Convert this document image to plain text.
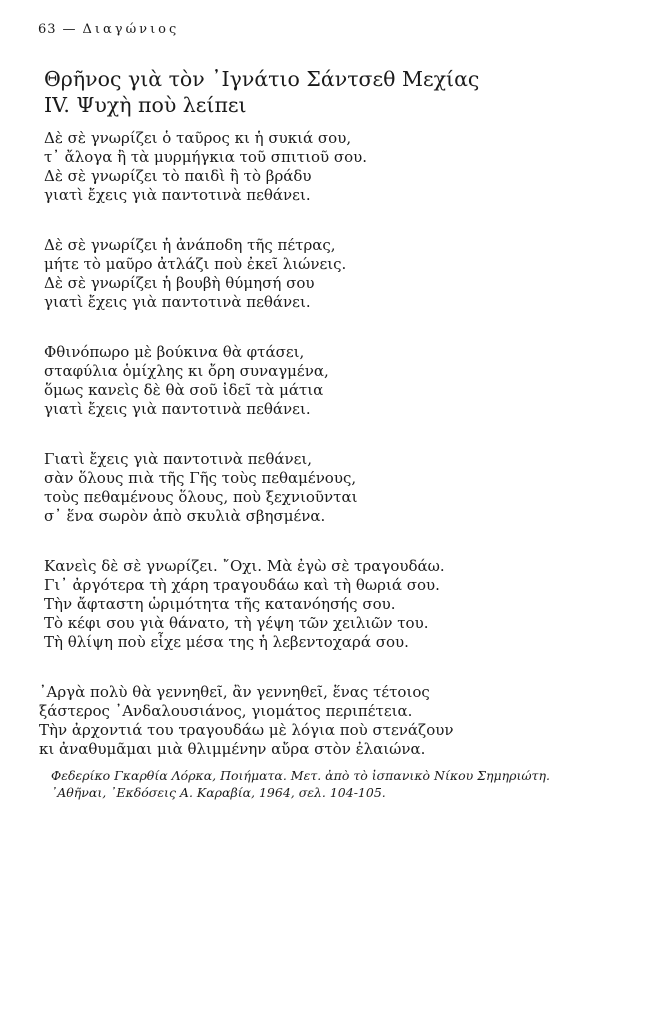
63 — Διαγώνιος
Θρῆνος γιὰ τὸν ᾿Ιγνάτιο Σάντσεθ Μεχίας
IV. Ψυχὴ ποὺ λείπει
Δὲ σὲ γνωρίζει ὁ ταῦρος κι ἡ συκιά σου,
τ᾿ ἄλογα ἢ τὰ μυρμήγκια τοῦ σπιτιοῦ σου.
Δὲ σὲ γνωρίζει τὸ παιδὶ ἢ τὸ βράδυ
γιατὶ ἔχεις γιὰ παντοτινὰ πεθάνει.
Δὲ σὲ γνωρίζει ἡ ἀνάποδη τῆς πέτρας,
μήτε τὸ μαῦρο ἀτλάζι ποὺ ἐκεῖ λιώνεις.
Δὲ σὲ γνωρίζει ἡ βουβὴ θύμησή σου
γιατὶ ἔχεις γιὰ παντοτινὰ πεθάνει.
Φθινόπωρο μὲ βούκινα θὰ φτάσει,
σταφύλια ὁμίχλης κι ὄρη συναγμένα,
ὅμως κανεὶς δὲ θὰ σοῦ ἰδεῖ τὰ μάτια
γιατὶ ἔχεις γιὰ παντοτινὰ πεθάνει.
Γιατὶ ἔχεις γιὰ παντοτινὰ πεθάνει,
σὰν ὅλους πιὰ τῆς Γῆς τοὺς πεθαμένους,
τοὺς πεθαμένους ὅλους, ποὺ ξεχνιοῦνται
σ᾿ ἕνα σωρὸν ἀπὸ σκυλιὰ σβησμένα.
Κανεὶς δὲ σὲ γνωρίζει. ῎Οχι. Μὰ ἐγὼ σὲ τραγουδάω.
Γι᾿ ἀργότερα τὴ χάρη τραγουδάω καὶ τὴ θωριά σου.
Τὴν ἄφταστη ὡριμότητα τῆς κατανόησής σου.
Τὸ κέφι σου γιὰ θάνατο, τὴ γέψη τῶν χειλιῶν του.
Τὴ θλίψη ποὺ εἶχε μέσα της ἡ λεβεντοχαρά σου.
᾿Αργὰ πολὺ θὰ γεννηθεῖ, ἂν γεννηθεῖ, ἕνας τέτοιος
ξάστερος ᾿Ανδαλουσιάνος, γιομάτος περιπέτεια.
Τὴν ἀρχοντιά του τραγουδάω μὲ λόγια ποὺ στενάζουν
κι ἀναθυμᾶμαι μιὰ θλιμμένην αὔρα στὸν ἐλαιώνα.
Φεδερίκο Γκαρθία Λόρκα, Ποιήματα. Μετ. ἀπὸ τὸ ἰσπανικὸ Νίκου Σημηριώτη. ᾿Αθῆναι, ᾿Εκδόσεις Α. Καραβία, 1964, σελ. 104-105.
